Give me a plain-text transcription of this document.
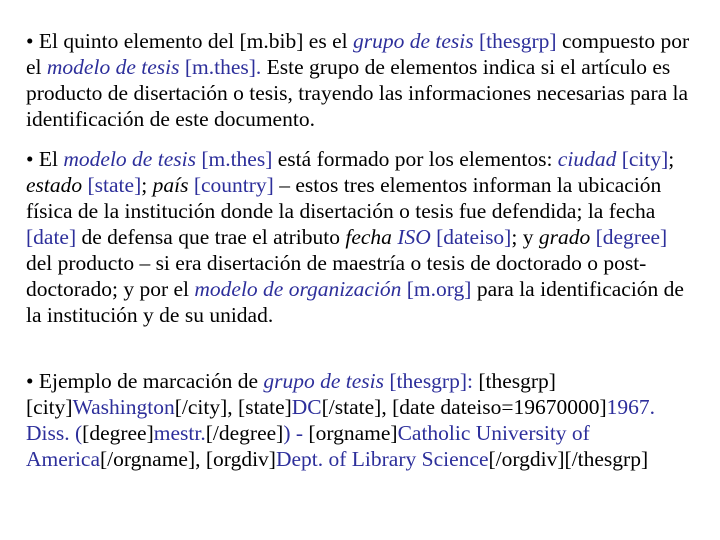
• El quinto elemento del [m.bib] es el grupo de tesis [thesgrp] compuesto por el modelo de tesis [m.thes]. Este grupo de elementos indica si el artículo es producto de disertación o tesis, trayendo las informaciones necesarias para la identificación de este documento.

• El modelo de tesis [m.thes] está formado por los elementos: ciudad [city]; estado [state]; país [country] – estos tres elementos informan la ubicación física de la institución donde la disertación o tesis fue defendida; la fecha [date] de defensa que trae el atributo fecha ISO [dateiso]; y grado [degree] del producto – si era disertación de maestría o tesis de doctorado o post-doctorado; y por el modelo de organización [m.org] para la identificación de la institución y de su unidad.

• Ejemplo de marcación de grupo de tesis [thesgrp]: [thesgrp][city]Washington[/city], [state]DC[/state], [date dateiso=19670000]1967. Diss. ([degree]mestr.[/degree]) - [orgname]Catholic University of America[/orgname], [orgdiv]Dept. of Library Science[/orgdiv][/thesgrp]
